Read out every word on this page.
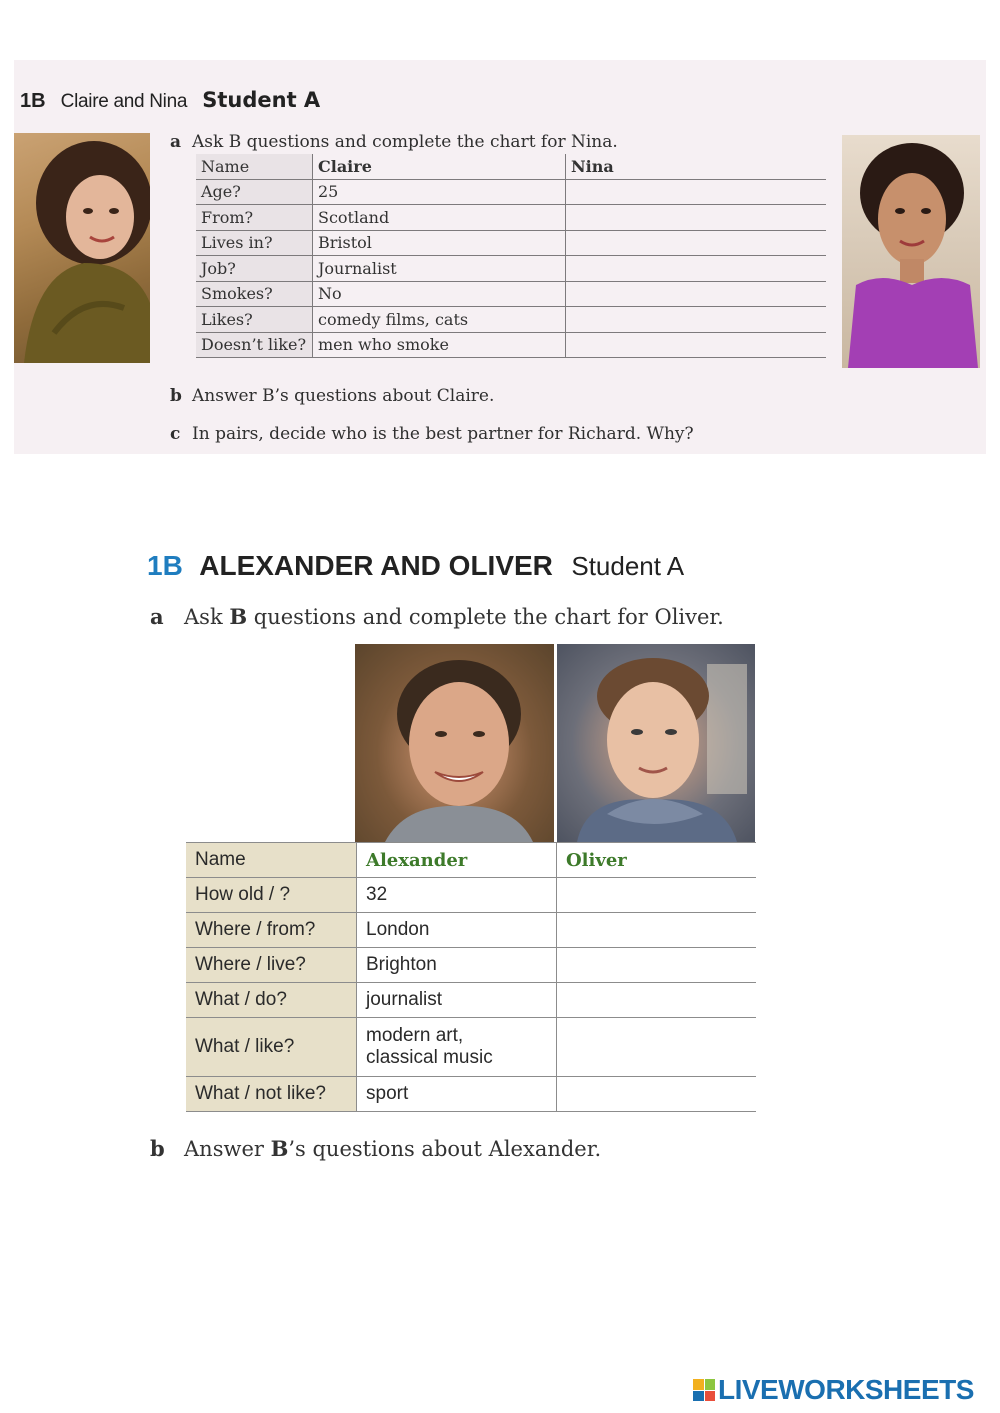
1B Claire and Nina Student A
a Ask B questions and complete the chart for Nina.
Name	Claire	Nina
Age?	25	
From?	Scotland	
Lives in?	Bristol	
Job?	Journalist	
Smokes?	No	
Likes?	comedy films, cats	
Doesn’t like?	men who smoke	
b Answer B’s questions about Claire.
c In pairs, decide who is the best partner for Richard. Why?
1B ALEXANDER AND OLIVER Student A
a Ask B questions and complete the chart for Oliver.
Name	Alexander	Oliver
How old / ?	32	
Where / from?	London	
Where / live?	Brighton	
What / do?	journalist	
What / like?	modern art,
classical music	

What / not like?	sport	
b Answer B’s questions about Alexander.
LIVEWORKSHEETS
